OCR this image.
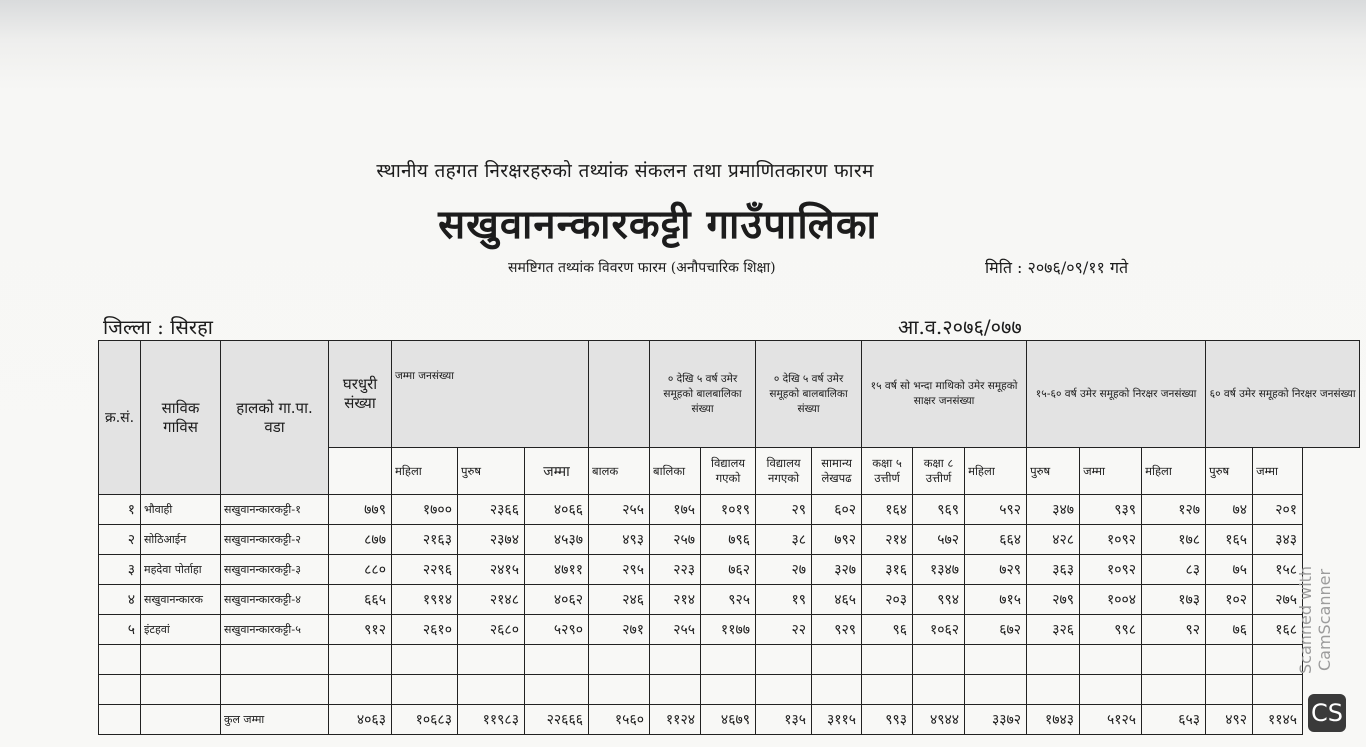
स्थानीय तहगत निरक्षरहरुको तथ्यांक संकलन तथा प्रमाणितकारण फारम
सखुवानन्कारकट्टी गाउँपालिका
समष्टिगत तथ्यांक विवरण फारम (अनौपचारिक शिक्षा)	मिति : २०७६/०९/११ गते
जिल्ला : सिरहा	आ.व.२०७६/०७७
क्र.सं.	साविक गाविस	हालको गा.पा. वडा	घरधुरी संख्या	जम्मा जनसंख्या				० देखि ५ वर्ष उमेर समूहको बालबालिका संख्या		० देखि ५ वर्ष उमेर समूहको बालबालिका संख्या		१५ वर्ष सो भन्दा माथिको उमेर समूहको साक्षर जनसंख्या			१५-६० वर्ष उमेर समूहको निरक्षर जनसंख्या			६० वर्ष उमेर समूहको निरक्षर जनसंख्या	
				महिला	पुरुष	जम्मा	बालक	बालिका	विद्यालय गएको	विद्यालय नगएको	सामान्य लेखपढ	कक्षा ५ उत्तीर्ण	कक्षा ८ उत्तीर्ण	महिला	पुरुष	जम्मा	महिला	पुरुष	जम्मा
१	भौवाही	सखुवानन्कारकट्टी-१	७७९	१७००	२३६६	४०६६	२५५	१७५	१०१९	२९	६०२	१६४	९६९	५९२	३४७	९३९	१२७	७४	२०१
२	सोठिआईन	सखुवानन्कारकट्टी-२	८७७	२१६३	२३७४	४५३७	४९३	२५७	७९६	३८	७९२	२१४	५७२	६६४	४२८	१०९२	१७८	१६५	३४३
३	महदेवा पोर्ताहा	सखुवानन्कारकट्टी-३	८८०	२२९६	२४१५	४७११	२९५	२२३	७६२	२७	३२७	३१६	१३४७	७२९	३६३	१०९२	८३	७५	१५८
४	सखुवानन्कारक	सखुवानन्कारकट्टी-४	६६५	१९१४	२१४८	४०६२	२४६	२१४	९२५	१९	४६५	२०३	९९४	७१५	२७९	१००४	१७३	१०२	२७५
५	इंटहवां	सखुवानन्कारकट्टी-५	९१२	२६१०	२६८०	५२९०	२७१	२५५	११७७	२२	९२९	९६	१०६२	६७२	३२६	९९८	९२	७६	१६८

		कुल जम्मा	४०६३	१०६८३	११९८३	२२६६६	१५६०	११२४	४६७९	१३५	३११५	९९३	४९४४	३३७२	१७४३	५१२५	६५३	४९२	११४५
Scanned with CamScanner
CS
